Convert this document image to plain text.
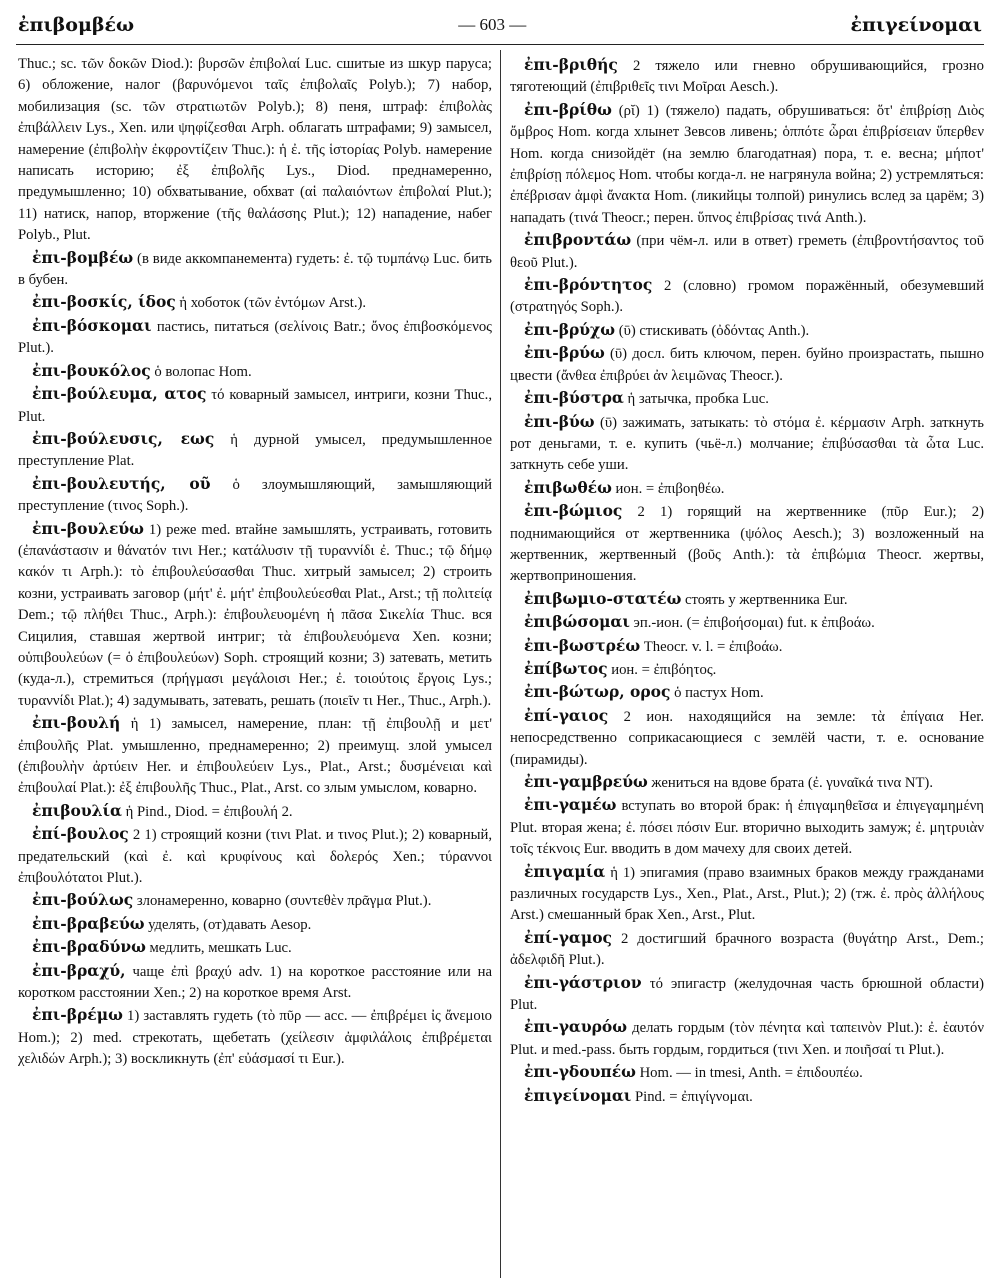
ἐπιβομβέω	— 603 —	ἐπιγείνομαι

Thuc.; sc. τῶν δοκῶν Diod.): βυρσῶν ἐπιβολαί Luc. сшитые из шкур паруса; 6) обложение, налог (βαρυνόμενοι ταῖς ἐπιβολαῖς Polyb.); 7) набор, мобилизация (sc. τῶν στρατιωτῶν Polyb.); 8) пеня, штраф: ἐπιβολὰς ἐπιβάλλειν Lys., Xen. или ψηφίζεσθαι Arph. облагать штрафами; 9) замысел, намерение (ἐπιβολὴν ἐκφροντίζειν Thuc.): ἡ ἐ. τῆς ἱστορίας Polyb. намерение написать историю; ἐξ ἐπιβολῆς Lys., Diod. преднамеренно, предумышленно; 10) обхватывание, обхват (αἱ παλαιόντων ἐπιβολαί Plut.); 11) натиск, напор, вторжение (τῆς θαλάσσης Plut.); 12) нападение, набег Polyb., Plut.

ἐπι-βομβέω (в виде аккомпанемента) гудеть: ἐ. τῷ τυμπάνῳ Luc. бить в бубен.

ἐπι-βοσκίς, ίδος ἡ хоботок (τῶν ἐντόμων Arst.).

ἐπι-βόσκομαι пастись, питаться (σελίνοις Batr.; ὄνος ἐπιβοσκόμενος Plut.).

ἐπι-βουκόλος ὁ волопас Hom.

ἐπι-βούλευμα, ατος τό коварный замысел, интриги, козни Thuc., Plut.

ἐπι-βούλευσις, εως ἡ дурной умысел, предумышленное преступление Plat.

ἐπι-βουλευτής, οῦ ὁ злоумышляющий, замышляющий преступление (τινος Soph.).

ἐπι-βουλεύω 1) реже med. втайне замышлять, устраивать, готовить (ἐπανάστασιν и θάνατόν τινι Her.; κατάλυσιν τῇ τυραννίδι ἐ. Thuc.; τῷ δήμῳ κακόν τι Arph.): τὸ ἐπιβουλεύσασθαι Thuc. хитрый замысел; 2) строить козни, устраивать заговор (μήτ' ἐ. μήτ' ἐπιβουλεύεσθαι Plat., Arst.; τῇ πολιτείᾳ Dem.; τῷ πλήθει Thuc., Arph.): ἐπιβουλευομένη ἡ πᾶσα Σικελία Thuc. вся Сицилия, ставшая жертвой интриг; τὰ ἐπιβουλευόμενα Xen. козни; οὑπιβουλεύων (= ὁ ἐπιβουλεύων) Soph. строящий козни; 3) затевать, метить (куда-л.), стремиться (πρήγμασι μεγάλοισι Her.; ἐ. τοιούτοις ἔργοις Lys.; τυραννίδι Plat.); 4) задумывать, затевать, решать (ποιεῖν τι Her., Thuc., Arph.).

ἐπι-βουλή ἡ 1) замысел, намерение, план: τῇ ἐπιβουλῇ и μετ' ἐπιβουλῆς Plat. умышленно, преднамеренно; 2) преимущ. злой умысел (ἐπιβουλὴν ἀρτύειν Her. и ἐπιβουλεύειν Lys., Plat., Arst.; δυσμένειαι καὶ ἐπιβουλαί Plat.): ἐξ ἐπιβουλῆς Thuc., Plat., Arst. со злым умыслом, коварно.

ἐπιβουλία ἡ Pind., Diod. = ἐπιβουλή 2.

ἐπί-βουλος 2 1) строящий козни (τινι Plat. и τινος Plut.); 2) коварный, предательский (καὶ ἐ. καὶ κρυφίνους καὶ δολερός Xen.; τύραννοι ἐπιβουλότατοι Plut.).

ἐπι-βούλως злонамеренно, коварно (συντεθὲν πρᾶγμα Plut.).

ἐπι-βραβεύω уделять, (от)давать Aesop.

ἐπι-βραδύνω медлить, мешкать Luc.

ἐπι-βραχύ, чаще ἐπὶ βραχύ adv. 1) на короткое расстояние или на коротком расстоянии Xen.; 2) на короткое время Arst.

ἐπι-βρέμω 1) заставлять гудеть (τὸ πῦρ — acc. — ἐπιβρέμει ἰς ἄνεμοιο Hom.); 2) med. стрекотать, щебетать (χείλεσιν ἀμφιλάλοις ἐπιβρέμεται χελιδών Arph.); 3) воскликнуть (ἐπ' εὐάσμασί τι Eur.).

ἐπι-βριθής 2 тяжело или гневно обрушивающийся, грозно тяготеющий (ἐπιβριθεῖς τινι Μοῖραι Aesch.).

ἐπι-βρίθω (ρῐ) 1) (тяжело) падать, обрушиваться: ὅτ' ἐπιβρίσῃ Διὸς ὄμβρος Hom. когда хлынет Зевсов ливень; ὁππότε ὧραι ἐπιβρίσειαν ὕπερθεν Hom. когда снизойдёт (на землю благодатная) пора, т. е. весна; μήποτ' ἐπιβρίσῃ πόλεμος Hom. чтобы когда-л. не нагрянула война; 2) устремляться: ἐπέβρισαν ἀμφὶ ἄνακτα Hom. (ликийцы толпой) ринулись вслед за царём; 3) нападать (τινά Theocr.; перен. ὕπνος ἐπιβρίσας τινά Anth.).

ἐπιβροντάω (при чём-л. или в ответ) греметь (ἐπιβροντήσαντος τοῦ θεοῦ Plut.).

ἐπι-βρόντητος 2 (словно) громом поражённый, обезумевший (στρατηγός Soph.).

ἐπι-βρύχω (ῡ) стискивать (ὀδόντας Anth.).

ἐπι-βρύω (ῡ) досл. бить ключом, перен. буйно произрастать, пышно цвести (ἄνθεα ἐπιβρύει ἀν λειμῶνας Theocr.).

ἐπι-βύστρα ἡ затычка, пробка Luc.

ἐπι-βύω (ῡ) зажимать, затыкать: τὸ στόμα ἐ. κέρμασιν Arph. заткнуть рот деньгами, т. е. купить (чьё-л.) молчание; ἐπιβύσασθαι τὰ ὦτα Luc. заткнуть себе уши.

ἐπιβωθέω ион. = ἐπιβοηθέω.

ἐπι-βώμιος 2 1) горящий на жертвеннике (πῦρ Eur.); 2) поднимающийся от жертвенника (ψόλος Aesch.); 3) возложенный на жертвенник, жертвенный (βοῦς Anth.): τὰ ἐπιβώμια Theocr. жертвы, жертвоприношения.

ἐπιβωμιο-στατέω стоять у жертвенника Eur.

ἐπιβώσομαι эп.-ион. (= ἐπιβοήσομαι) fut. к ἐπιβοάω.

ἐπι-βωστρέω Theocr. v. l. = ἐπιβοάω.

ἐπίβωτος ион. = ἐπιβόητος.

ἐπι-βώτωρ, ορος ὁ пастух Hom.

ἐπί-γαιος 2 ион. находящийся на земле: τὰ ἐπίγαια Her. непосредственно соприкасающиеся с землёй части, т. е. основание (пирамиды).

ἐπι-γαμβρεύω жениться на вдове брата (ἐ. γυναῖκά τινα NT).

ἐπι-γαμέω вступать во второй брак: ἡ ἐπιγαμηθεῖσα и ἐπιγεγαμημένη Plut. вторая жена; ἐ. πόσει πόσιν Eur. вторично выходить замуж; ἐ. μητρυιὰν τοῖς τέκνοις Eur. вводить в дом мачеху для своих детей.

ἐπιγαμία ἡ 1) эпигамия (право взаимных браков между гражданами различных государств Lys., Xen., Plat., Arst., Plut.); 2) (тж. ἐ. πρὸς ἀλλήλους Arst.) смешанный брак Xen., Arst., Plut.

ἐπί-γαμος 2 достигший брачного возраста (θυγάτηρ Arst., Dem.; ἀδελφιδῆ Plut.).

ἐπι-γάστριον τό эпигастр (желудочная часть брюшной области) Plut.

ἐπι-γαυρόω делать гордым (τὸν πένητα καὶ ταπεινὸν Plut.): ἐ. ἑαυτόν Plut. и med.-pass. быть гордым, гордиться (τινι Xen. и ποιῆσαί τι Plut.).

ἐπι-γδουπέω Hom. — in tmesi, Anth. = ἐπιδουπέω.

ἐπιγείνομαι Pind. = ἐπιγίγνομαι.
